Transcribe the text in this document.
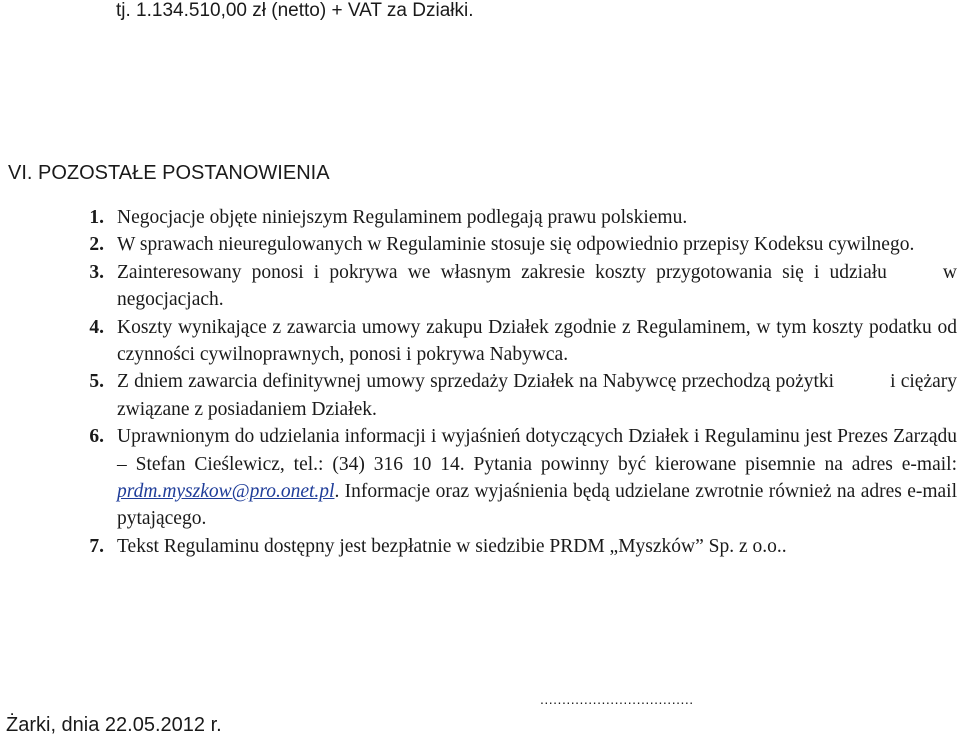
tj. 1.134.510,00 zł (netto) + VAT za Działki.
VI. POZOSTAŁE POSTANOWIENIA
1. Negocjacje objęte niniejszym Regulaminem podlegają prawu polskiemu.
2. W sprawach nieuregulowanych w Regulaminie stosuje się odpowiednio przepisy Kodeksu cywilnego.
3. Zainteresowany ponosi i pokrywa we własnym zakresie koszty przygotowania się i udziału	w negocjacjach.
4. Koszty wynikające z zawarcia umowy zakupu Działek zgodnie z Regulaminem, w tym koszty podatku od czynności cywilnoprawnych, ponosi i pokrywa Nabywca.
5. Z dniem zawarcia definitywnej umowy sprzedaży Działek na Nabywcę przechodzą pożytki	i ciężary związane z posiadaniem Działek.
6. Uprawnionym do udzielania informacji i wyjaśnień dotyczących Działek i Regulaminu jest Prezes Zarządu – Stefan Cieślewicz, tel.: (34) 316 10 14. Pytania powinny być kierowane pisemnie na adres e-mail: prdm.myszkow@pro.onet.pl. Informacje oraz wyjaśnienia będą udzielane zwrotnie również na adres e-mail pytającego.
7. Tekst Regulaminu dostępny jest bezpłatnie w siedzibie PRDM „Myszków” Sp. z o.o..
...................................
Żarki, dnia 22.05.2012 r.
